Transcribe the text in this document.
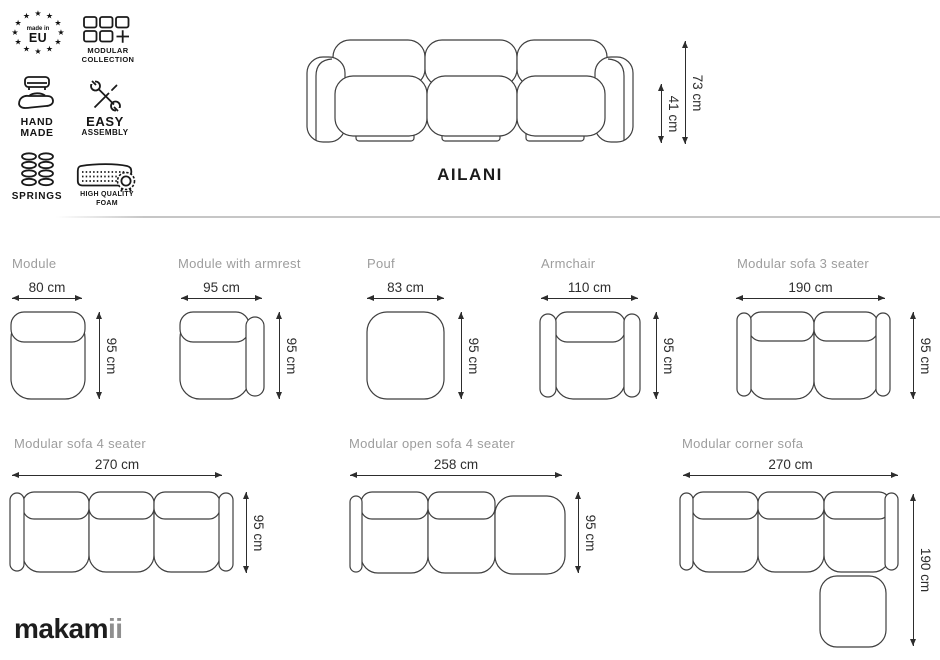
★ ★
★
★
★
★
★
★
★
★
★
★
made in
EU
MODULAR
COLLECTION
HAND
MADE
EASY
ASSEMBLY
SPRINGS	HIGH QUALITY
FOAM
41 cm
73 cm
AILANI
Module
80 cm
95 cm
Module with armrest
95 cm
95 cm
Pouf
83 cm
95 cm
Armchair
110 cm
95 cm
Modular sofa 3 seater
190 cm
95 cm
Modular sofa 4 seater
270 cm
95 cm
Modular open sofa 4 seater
258 cm
95 cm
Modular corner sofa
270 cm
190 cm
makamii
